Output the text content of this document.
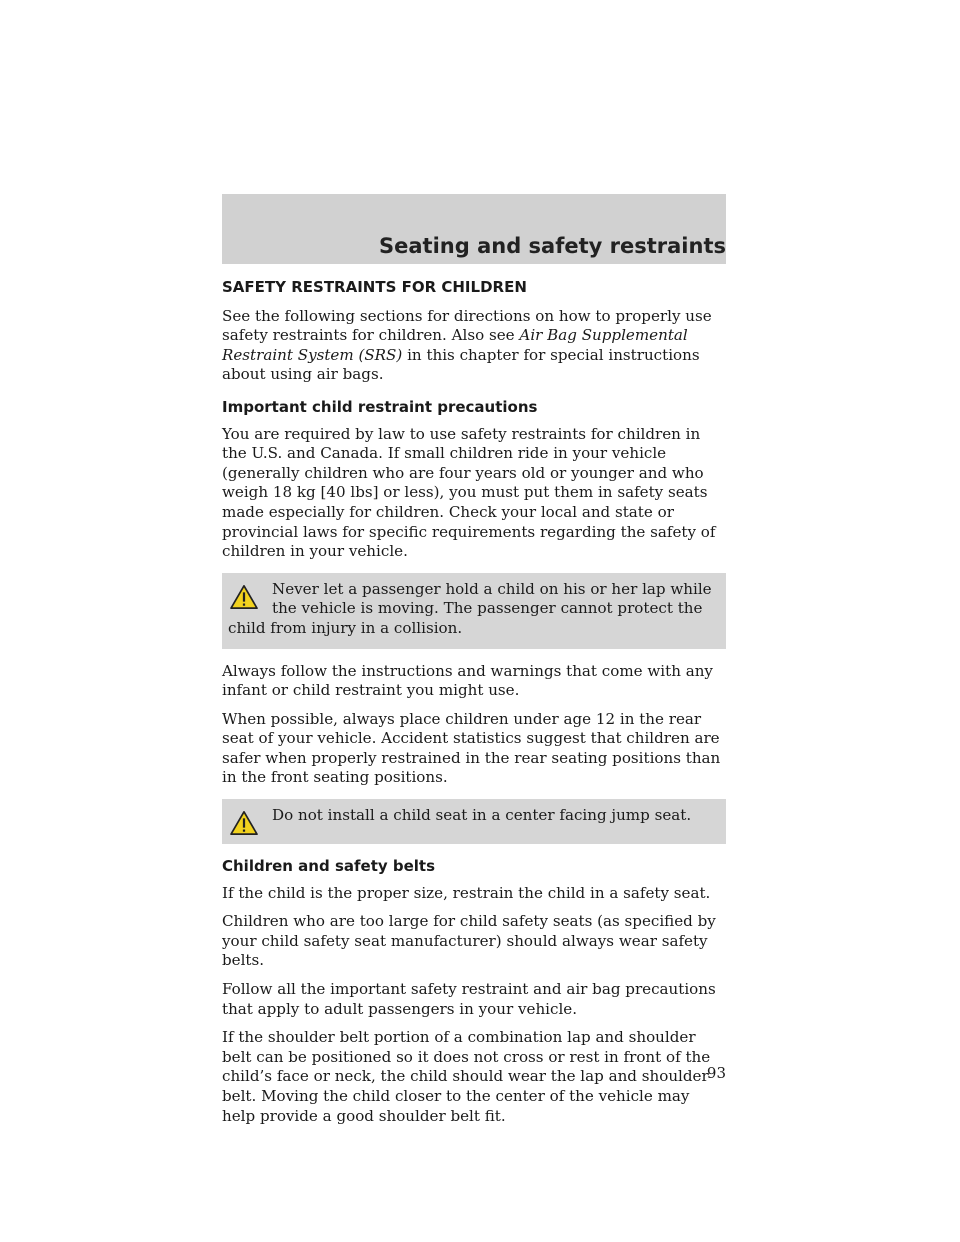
Seating and safety restraints
SAFETY RESTRAINTS FOR CHILDREN

See the following sections for directions on how to properly use safety restraints for children. Also see Air Bag Supplemental Restraint System (SRS) in this chapter for special instructions about using air bags.

Important child restraint precautions

You are required by law to use safety restraints for children in the U.S. and Canada. If small children ride in your vehicle (generally children who are four years old or younger and who weigh 18 kg [40 lbs] or less), you must put them in safety seats made especially for children. Check your local and state or provincial laws for specific requirements regarding the safety of children in your vehicle.

Never let a passenger hold a child on his or her lap while the vehicle is moving. The passenger cannot protect the child from injury in a collision.

Always follow the instructions and warnings that come with any infant or child restraint you might use.

When possible, always place children under age 12 in the rear seat of your vehicle. Accident statistics suggest that children are safer when properly restrained in the rear seating positions than in the front seating positions.

Do not install a child seat in a center facing jump seat.

Children and safety belts

If the child is the proper size, restrain the child in a safety seat.

Children who are too large for child safety seats (as specified by your child safety seat manufacturer) should always wear safety belts.

Follow all the important safety restraint and air bag precautions that apply to adult passengers in your vehicle.

If the shoulder belt portion of a combination lap and shoulder belt can be positioned so it does not cross or rest in front of the child’s face or neck, the child should wear the lap and shoulder belt. Moving the child closer to the center of the vehicle may help provide a good shoulder belt fit.

93
